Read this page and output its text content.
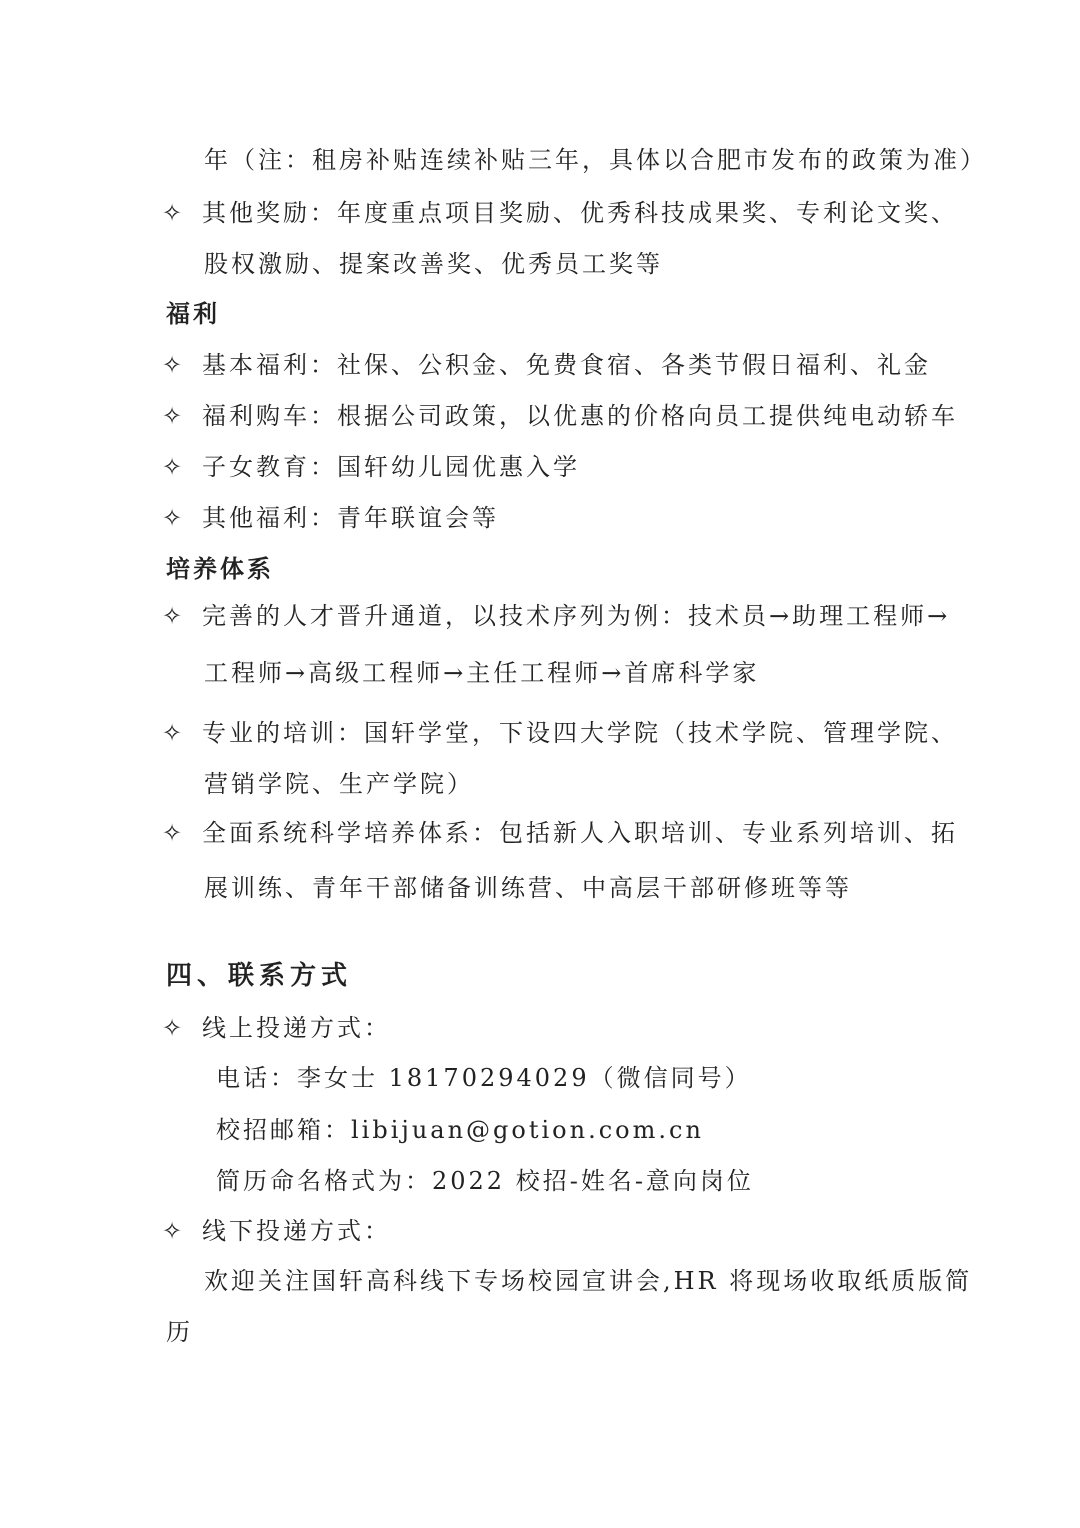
年（注：租房补贴连续补贴三年，具体以合肥市发布的政策为准）
✧ 其他奖励：年度重点项目奖励、优秀科技成果奖、专利论文奖、
股权激励、提案改善奖、优秀员工奖等
福利
✧ 基本福利：社保、公积金、免费食宿、各类节假日福利、礼金
✧ 福利购车：根据公司政策，以优惠的价格向员工提供纯电动轿车
✧ 子女教育：国轩幼儿园优惠入学
✧ 其他福利：青年联谊会等
培养体系
✧ 完善的人才晋升通道，以技术序列为例：技术员→助理工程师→
工程师→高级工程师→主任工程师→首席科学家
✧ 专业的培训：国轩学堂，下设四大学院（技术学院、管理学院、
营销学院、生产学院）
✧ 全面系统科学培养体系：包括新人入职培训、专业系列培训、拓
展训练、青年干部储备训练营、中高层干部研修班等等
四、联系方式
✧ 线上投递方式：
电话：李女士 18170294029（微信同号）
校招邮箱：libijuan@gotion.com.cn
简历命名格式为：2022 校招-姓名-意向岗位
✧ 线下投递方式：
欢迎关注国轩高科线下专场校园宣讲会,HR 将现场收取纸质版简
历
